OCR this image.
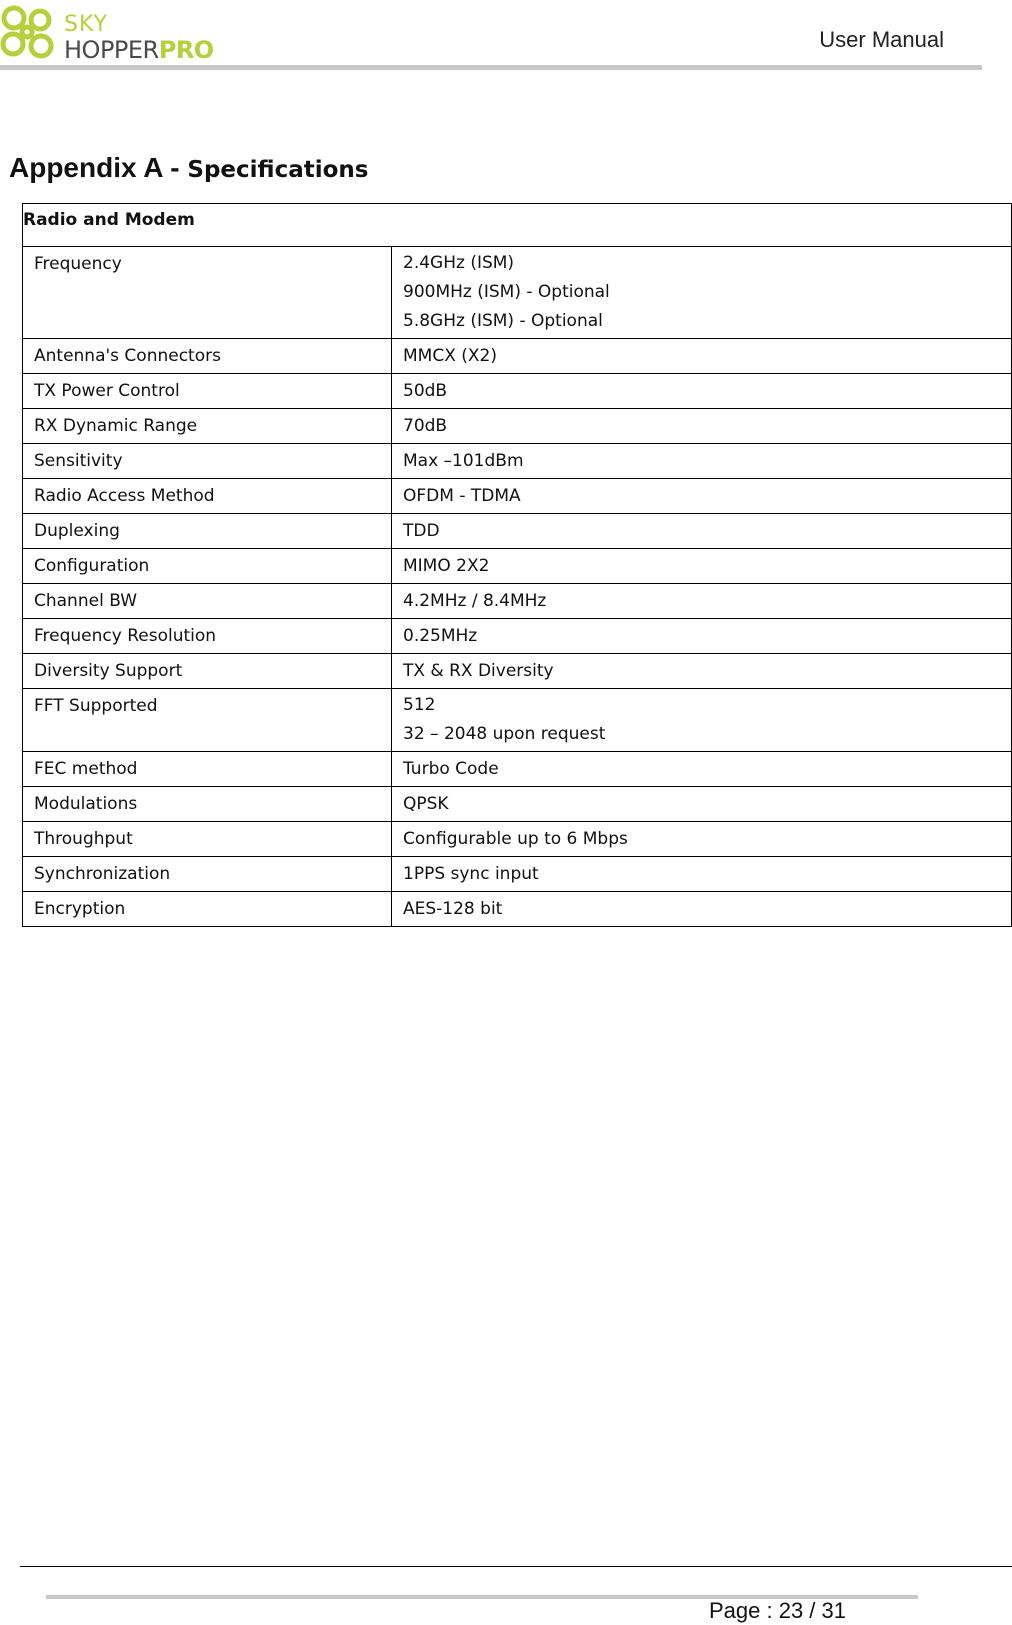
SKY
HOPPERPRO	User Manual
Appendix A - Specifications
Radio and Modem	
Frequency	2.4GHz (ISM)
900MHz (ISM) - Optional
5.8GHz (ISM) - Optional

Antenna's Connectors	MMCX (X2)
TX Power Control	50dB
RX Dynamic Range	70dB
Sensitivity	Max –101dBm
Radio Access Method	OFDM - TDMA
Duplexing	TDD
Configuration	MIMO 2X2
Channel BW	4.2MHz / 8.4MHz
Frequency Resolution	0.25MHz
Diversity Support	TX & RX Diversity
FFT Supported	512
32 – 2048 upon request

FEC method	Turbo Code
Modulations	QPSK
Throughput	Configurable up to 6 Mbps
Synchronization	1PPS sync input
Encryption	AES-128 bit
Page : 23 / 31
